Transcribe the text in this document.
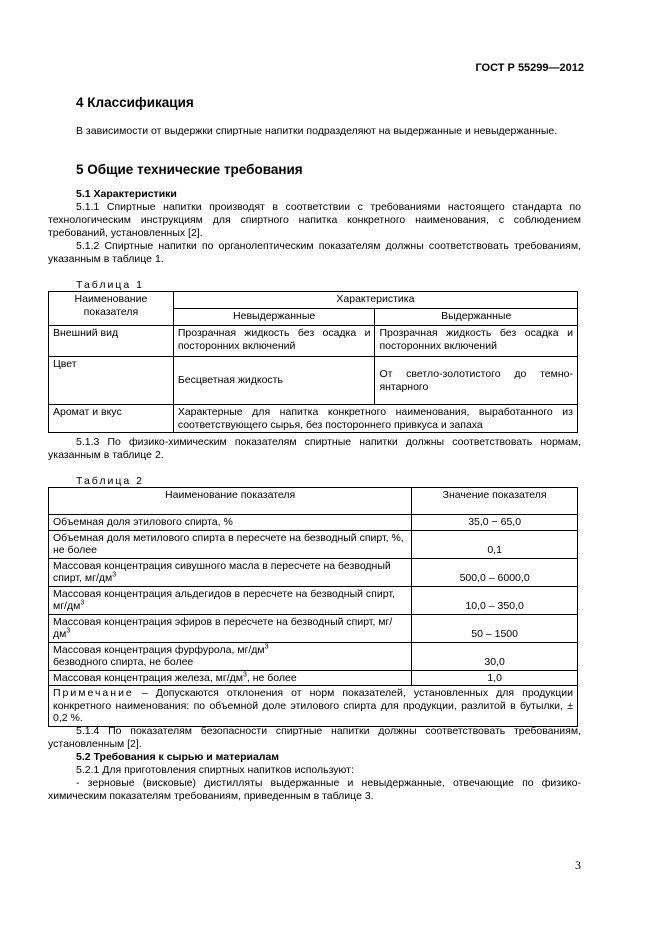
ГОСТ Р 55299—2012
4 Классификация
В зависимости от выдержки спиртные напитки подразделяют на выдержанные и невыдержанные.
5 Общие технические требования
5.1 Характеристики
5.1.1 Спиртные напитки производят в соответствии с требованиями настоящего стандарта по технологическим инструкциям для спиртного напитка конкретного наименования, с соблюдением требований, установленных [2].
5.1.2 Спиртные напитки по органолептическим показателям должны соответствовать требованиям, указанным в таблице 1.
Таблица 1
Наименование показателя	Характеристика	
	Невыдержанные	Выдержанные
Внешний вид	Прозрачная жидкость без осадка и посторонних включений	Прозрачная жидкость без осадка и посторонних включений
Цвет	Бесцветная жидкость	От светло-золотистого до темно-янтарного
Аромат и вкус	Характерные для напитка конкретного наименования, выработанного из соответствующего сырья, без постороннего привкуса и запаха	
5.1.3 По физико-химическим показателям спиртные напитки должны соответствовать нормам, указанным в таблице 2.
Таблица 2
Наименование показателя	Значение показателя
Объемная доля этилового спирта, %	35,0 − 65,0
Объемная доля метилового спирта в пересчете на безводный спирт, %, не более	0,1
Массовая концентрация сивушного масла в пересчете на безводный спирт, $мг/дм^3$	500,0 – 6000,0
Массовая концентрация альдегидов в пересчете на безводный спирт, $мг/дм^3$	10,0 – 350,0
Массовая концентрация эфиров в пересчете на безводный спирт, $мг/дм^3$	50 – 1500
Массовая концентрация фурфурола, $мг/дм^3$
безводного спирта, не более	30,0
Массовая концентрация железа, $мг/дм^3$, не более	1,0
Примечание – Допускаются отклонения от норм показателей, установленных для продукции конкретного наименования: по объемной доле этилового спирта для продукции, разлитой в бутылки, ± 0,2 %.	
5.1.4 По показателям безопасности спиртные напитки должны соответствовать требованиям, установленным [2].
5.2 Требования к сырью и материалам
5.2.1 Для приготовления спиртных напитков используют:
- зерновые (висковые) дистилляты выдержанные и невыдержанные, отвечающие по физико-химическим показателям требованиям, приведенным в таблице 3.
3
